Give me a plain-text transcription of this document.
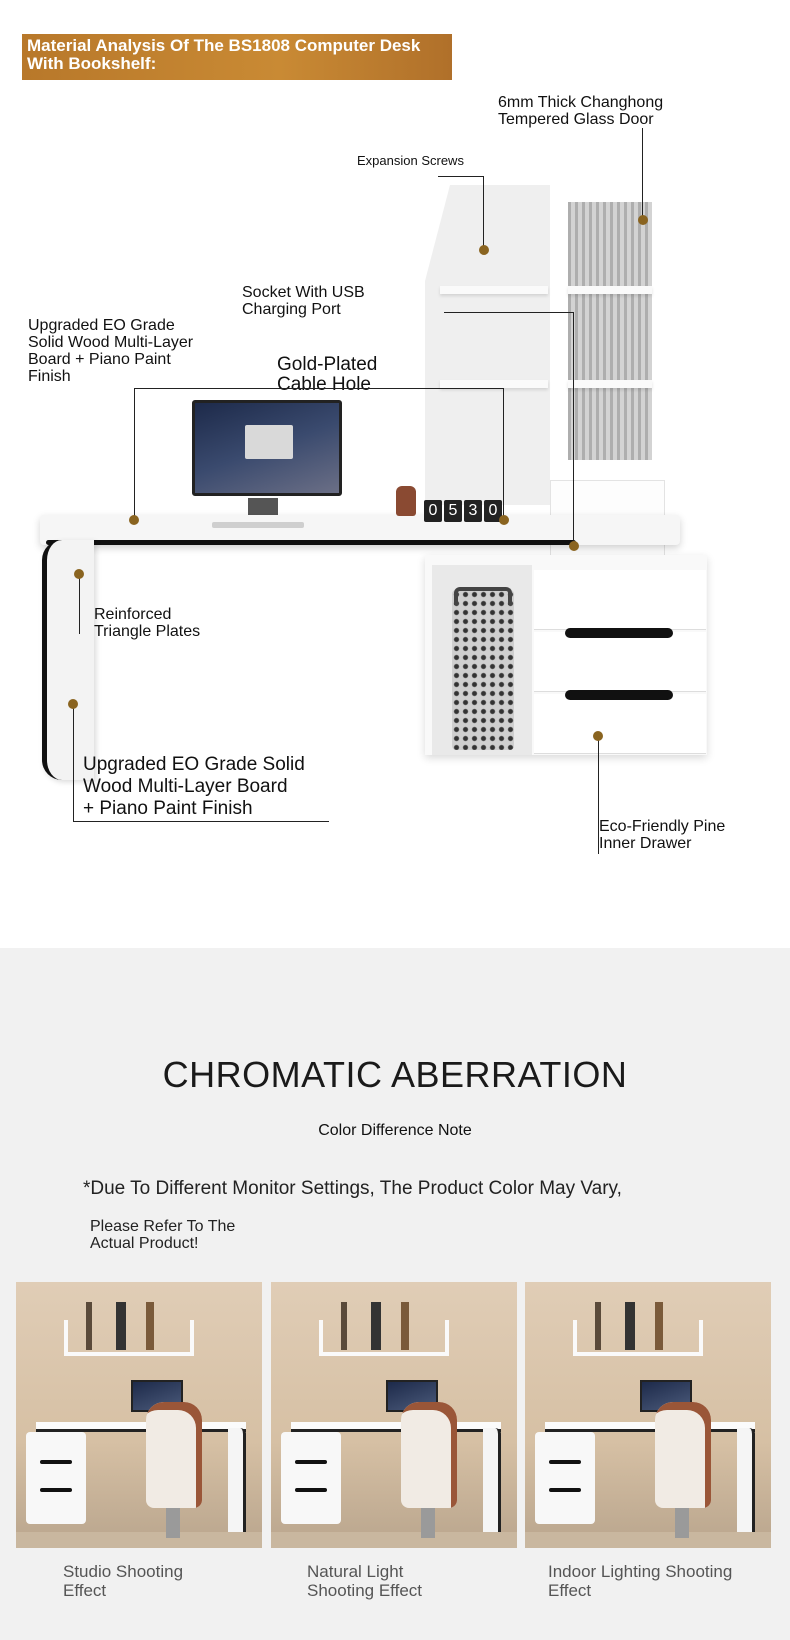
Material Analysis Of The BS1808 Computer Desk
With Bookshelf:
0 5 3 0
6mm Thick Changhong
Tempered Glass Door
Expansion Screws
Socket With USB
Charging Port
Upgraded EO Grade
Solid Wood Multi-Layer
Board + Piano Paint
Finish
Gold-Plated
Cable Hole
Reinforced
Triangle Plates
Upgraded EO Grade Solid
Wood Multi-Layer Board
+ Piano Paint Finish
Eco-Friendly Pine
Inner Drawer
CHROMATIC ABERRATION
Color Difference Note
*Due To Different Monitor Settings, The Product Color May Vary,
Please Refer To The
Actual Product!
Studio Shooting
Effect
Natural Light
Shooting Effect
Indoor Lighting Shooting
Effect
